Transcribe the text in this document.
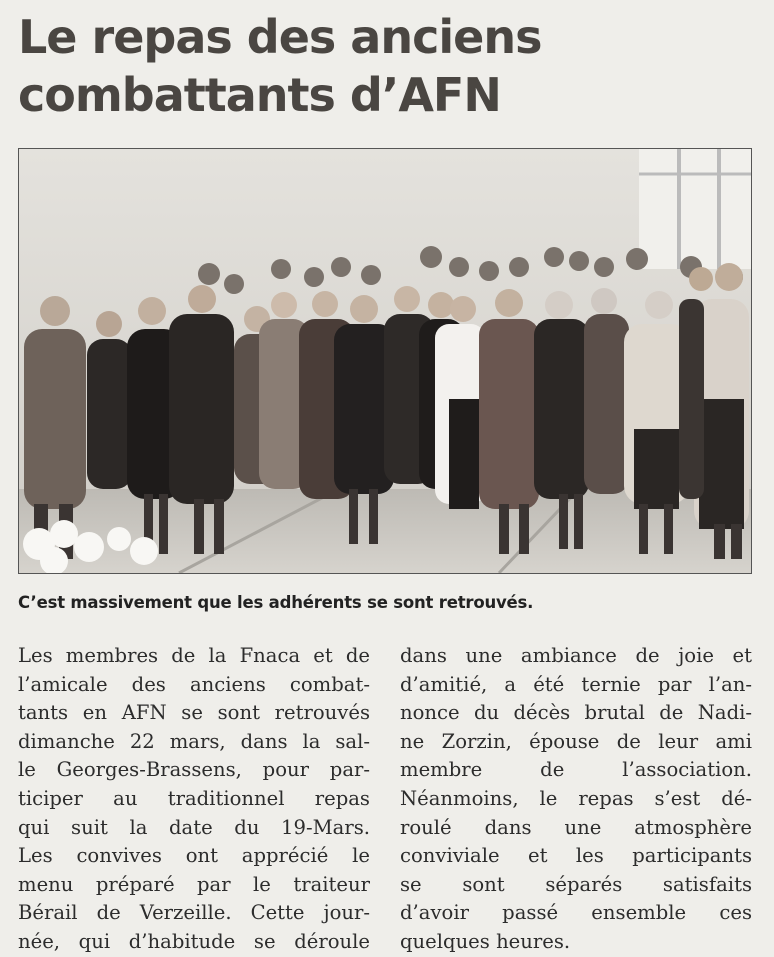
Le repas des anciens
combattants d’AFN
C’est massivement que les adhérents se sont retrouvés.
Les membres de la Fnaca et de
l’amicale des anciens combat-
tants en AFN se sont retrouvés
dimanche 22 mars, dans la sal-
le Georges-Brassens, pour par-
ticiper au traditionnel repas
qui suit la date du 19-Mars.
Les convives ont apprécié le
menu préparé par le traiteur
Bérail de Verzeille. Cette jour-
née, qui d’habitude se déroule
dans une ambiance de joie et
d’amitié, a été ternie par l’an-
nonce du décès brutal de Nadi-
ne Zorzin, épouse de leur ami
membre de l’association.
Néanmoins, le repas s’est dé-
roulé dans une atmosphère
conviviale et les participants
se sont séparés satisfaits
d’avoir passé ensemble ces
quelques heures.
